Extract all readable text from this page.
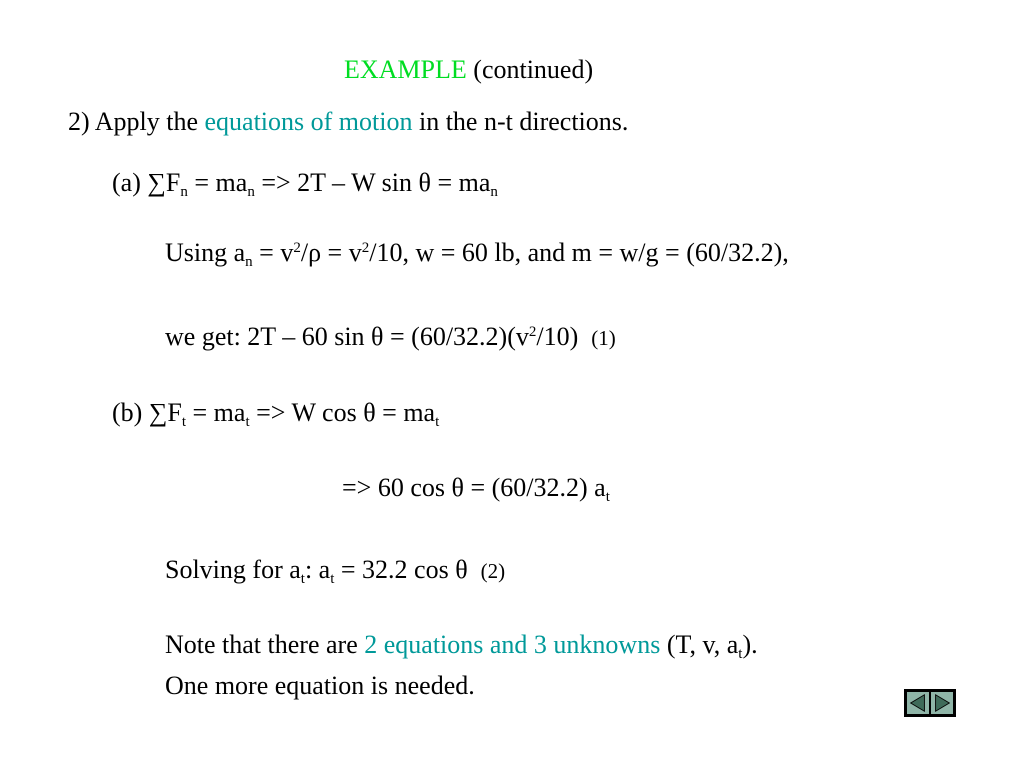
EXAMPLE (continued)
2) Apply the equations of motion in the n-t directions.
(a) $\sum F_n = ma_n => 2T - W$ $\sin \theta = ma_n$
Using $a_n = v^2/\rho = v^2/10$, w = 60 lb, and m = w/g = (60/32.2),
we get: 2T – 60 $\sin \theta = (60/32.2)(v^2/10)$ (1)
(b) $\sum F_t = ma_t => W$ $\cos \theta = ma_t$
=> 60 cos θ = (60/32.2) $a_t$
Solving for $a_t$: $a_t = 32.2$ cos θ (2)
Note that there are 2 equations and 3 unknowns (T, v, $a_t$).
One more equation is needed.
